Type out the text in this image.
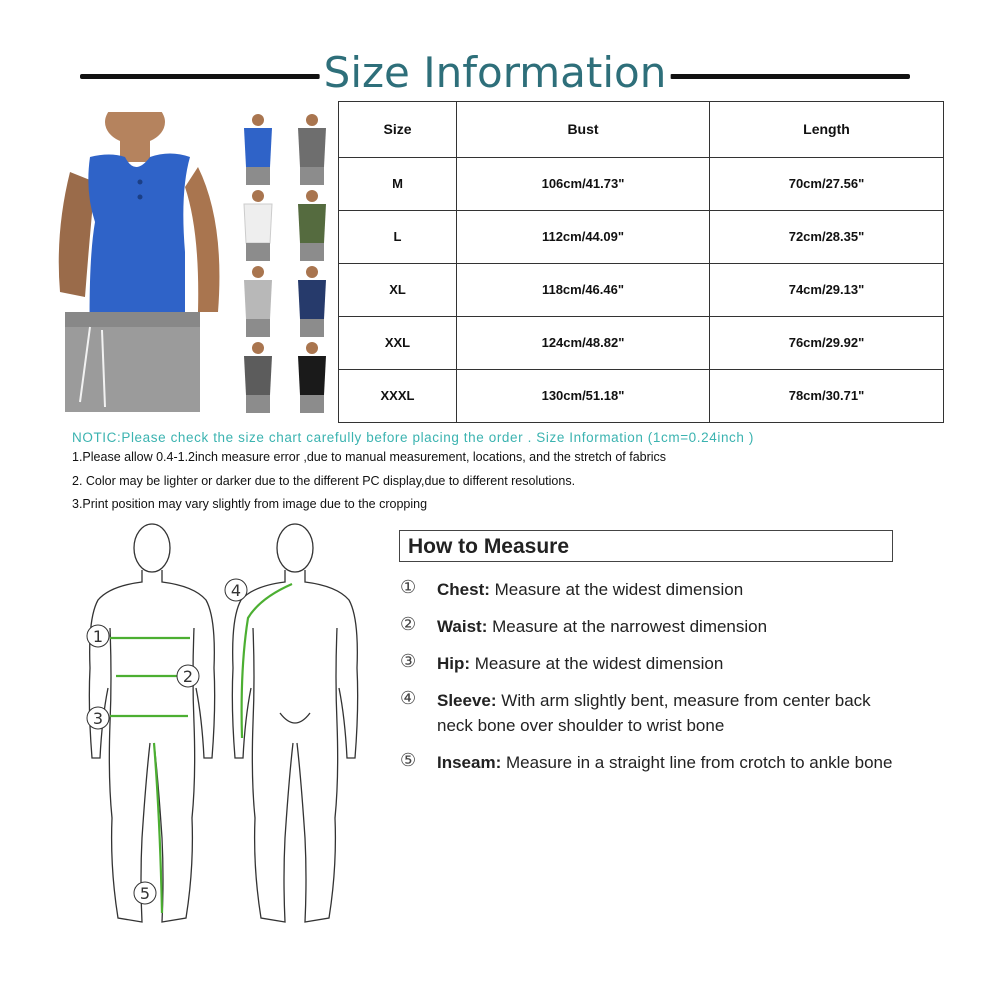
Size Information
Size	Bust	Length
M	106cm/41.73"	70cm/27.56"
L	112cm/44.09"	72cm/28.35"
XL	118cm/46.46"	74cm/29.13"
XXL	124cm/48.82"	76cm/29.92"
XXXL	130cm/51.18"	78cm/30.71"
NOTIC:Please check the size chart carefully before placing the order . Size Information (1cm=0.24inch )
1.Please allow 0.4-1.2inch measure error ,due to manual measurement, locations, and the stretch of fabrics
2. Color may be lighter or darker due to the different PC display,due to different resolutions.
3.Print position may vary slightly from image due to the cropping
1
2
3
4
5
How to Measure
① Chest: Measure at the widest dimension
② Waist: Measure at the narrowest dimension
③ Hip: Measure at the widest dimension
④ Sleeve: With arm slightly bent, measure from center back neck bone over shoulder to wrist bone
⑤ Inseam: Measure in a straight line from crotch to ankle bone
